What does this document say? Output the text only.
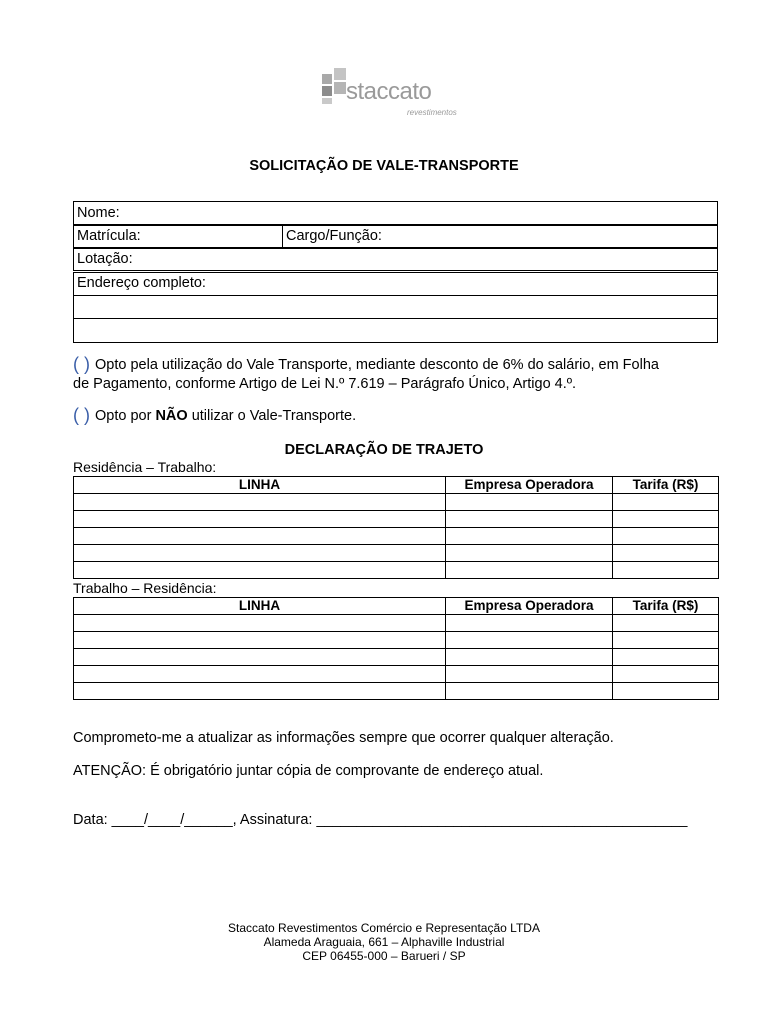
staccato
revestimentos
SOLICITAÇÃO DE VALE-TRANSPORTE
Nome:
Matrícula:	Cargo/Função:
Lotação:
Endereço completo:
( ) Opto pela utilização do Vale Transporte, mediante desconto de 6% do salário, em Folha
de Pagamento, conforme Artigo de Lei N.º 7.619 – Parágrafo Único, Artigo 4.º.
( ) Opto por NÃO utilizar o Vale-Transporte.
DECLARAÇÃO DE TRAJETO
Residência – Trabalho:
LINHA	Empresa Operadora	Tarifa (R$)

Trabalho – Residência:
LINHA	Empresa Operadora	Tarifa (R$)

Comprometo-me a atualizar as informações sempre que ocorrer qualquer alteração.
ATENÇÃO: É obrigatório juntar cópia de comprovante de endereço atual.
Data: ____/____/______, Assinatura: ______________________________________________
Staccato Revestimentos Comércio e Representação LTDA
Alameda Araguaia, 661 – Alphaville Industrial
CEP 06455-000 – Barueri / SP
